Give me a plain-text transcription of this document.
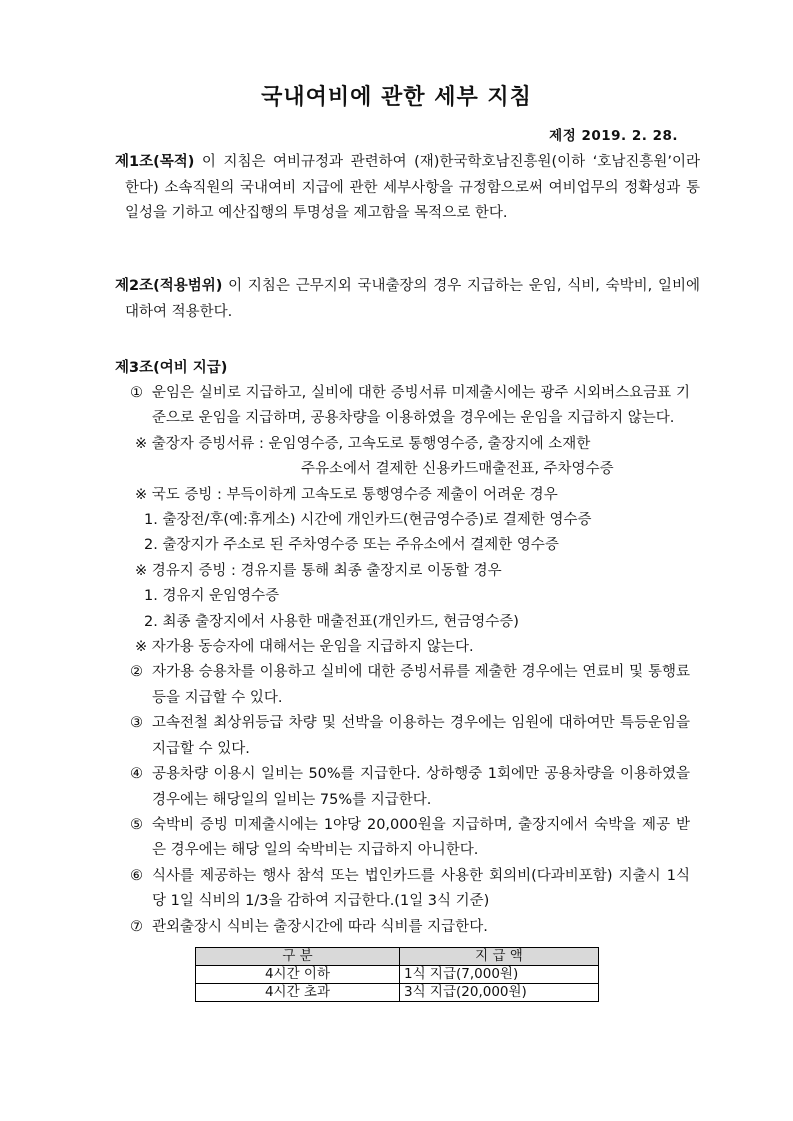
국내여비에 관한 세부 지침
제정 2019. 2. 28.
제1조(목적) 이 지침은 여비규정과 관련하여 (재)한국학호남진흥원(이하 ‘호남진흥원’이라 한다) 소속직원의 국내여비 지급에 관한 세부사항을 규정함으로써 여비업무의 정확성과 통일성을 기하고 예산집행의 투명성을 제고함을 목적으로 한다.
제2조(적용범위) 이 지침은 근무지외 국내출장의 경우 지급하는 운임, 식비, 숙박비, 일비에 대하여 적용한다.
제3조(여비 지급)
① 운임은 실비로 지급하고, 실비에 대한 증빙서류 미제출시에는 광주 시외버스요금표 기준으로 운임을 지급하며, 공용차량을 이용하였을 경우에는 운임을 지급하지 않는다.
※ 출장자 증빙서류 : 운임영수증, 고속도로 통행영수증, 출장지에 소재한
주유소에서 결제한 신용카드매출전표, 주차영수증
※ 국도 증빙 : 부득이하게 고속도로 통행영수증 제출이 어려운 경우
1. 출장전/후(예:휴게소) 시간에 개인카드(현금영수증)로 결제한 영수증
2. 출장지가 주소로 된 주차영수증 또는 주유소에서 결제한 영수증
※ 경유지 증빙 : 경유지를 통해 최종 출장지로 이동할 경우
1. 경유지 운임영수증
2. 최종 출장지에서 사용한 매출전표(개인카드, 현금영수증)
※ 자가용 동승자에 대해서는 운임을 지급하지 않는다.
② 자가용 승용차를 이용하고 실비에 대한 증빙서류를 제출한 경우에는 연료비 및 통행료 등을 지급할 수 있다.
③ 고속전철 최상위등급 차량 및 선박을 이용하는 경우에는 임원에 대하여만 특등운임을 지급할 수 있다.
④ 공용차량 이용시 일비는 50%를 지급한다. 상하행중 1회에만 공용차량을 이용하였을 경우에는 해당일의 일비는 75%를 지급한다.
⑤ 숙박비 증빙 미제출시에는 1야당 20,000원을 지급하며, 출장지에서 숙박을 제공 받은 경우에는 해당 일의 숙박비는 지급하지 아니한다.
⑥ 식사를 제공하는 행사 참석 또는 법인카드를 사용한 회의비(다과비포함) 지출시 1식당 1일 식비의 1/3을 감하여 지급한다.(1일 3식 기준)
⑦ 관외출장시 식비는 출장시간에 따라 식비를 지급한다.
구 분	지 급 액
4시간 이하	1식 지급(7,000원)
4시간 초과	3식 지급(20,000원)
